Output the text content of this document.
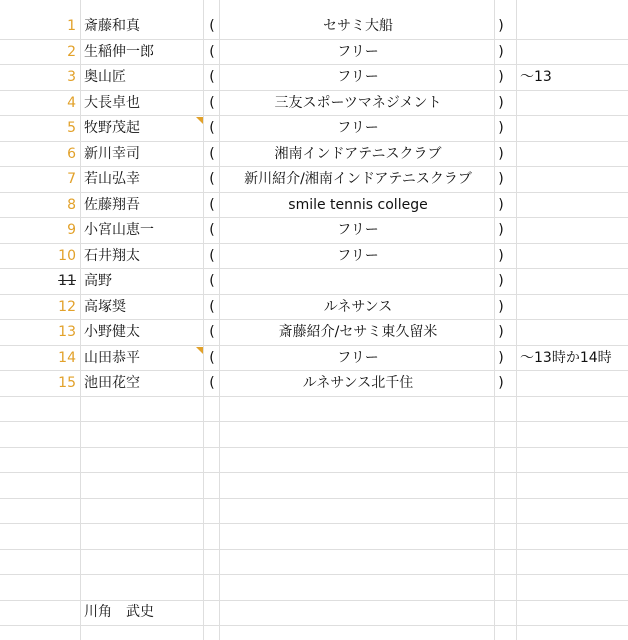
1 斎藤和真	(	セサミ大船	)
2 生稲伸一郎	(	フリー	)
3 奥山匠	(	フリー	) 〜13
4 大長卓也	(	三友スポーツマネジメント	)
5 牧野茂起	(	フリー	)
6 新川幸司	(	湘南インドアテニスクラブ	)
7 若山弘幸	(	新川紹介/湘南インドアテニスクラブ	)
8 佐藤翔吾	(	smile tennis college	)
9 小宮山恵一	(	フリー	)
10 石井翔太	(	フリー	)
11 高野	(	)
12 高塚奨	(	ルネサンス	)
13 小野健太	(	斎藤紹介/セサミ東久留米	)
14 山田恭平	(	フリー	) 〜13時か14時
15 池田花空	(	ルネサンス北千住	)
川角　武史
